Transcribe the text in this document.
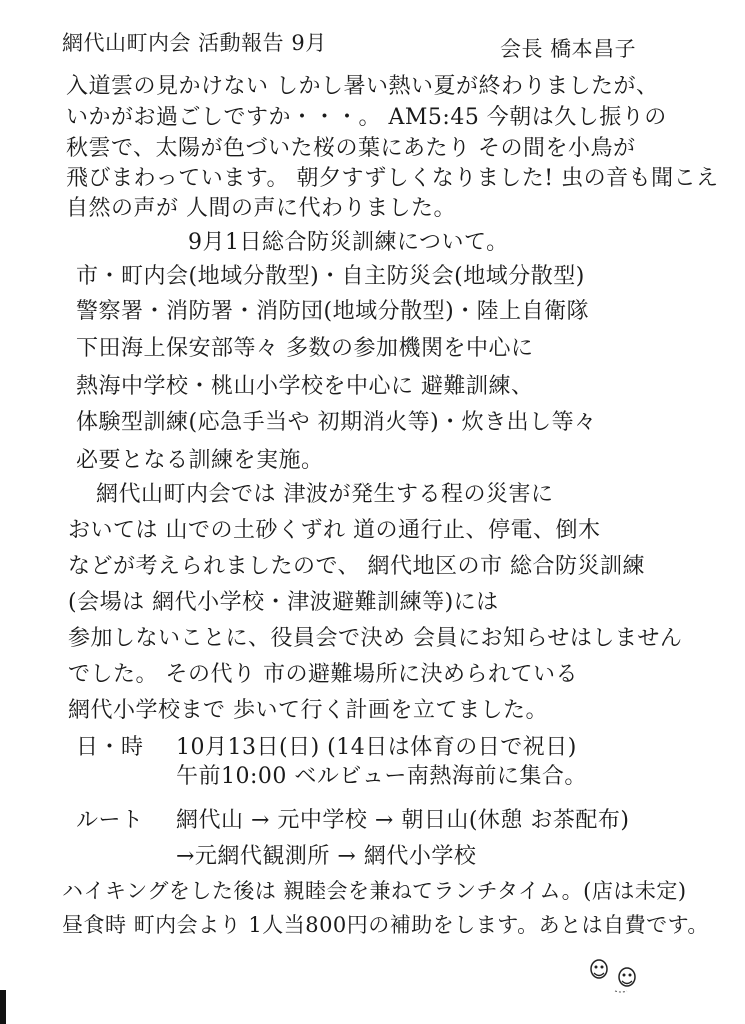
網代山町内会 活動報告 9月	会長 橋本昌子
入道雲の見かけない しかし暑い熱い夏が終わりましたが、
いかがお過ごしですか・・・。 AM5:45 今朝は久し振りの
秋雲で、太陽が色づいた桜の葉にあたり その間を小鳥が
飛びまわっています。 朝夕すずしくなりました! 虫の音も聞こえ
自然の声が 人間の声に代わりました。
9月1日総合防災訓練について。
市・町内会(地域分散型)・自主防災会(地域分散型)
警察署・消防署・消防団(地域分散型)・陸上自衛隊
下田海上保安部等々 多数の参加機関を中心に
熱海中学校・桃山小学校を中心に 避難訓練、
体験型訓練(応急手当や 初期消火等)・炊き出し等々
必要となる訓練を実施。
網代山町内会では 津波が発生する程の災害に
おいては 山での土砂くずれ 道の通行止、停電、倒木
などが考えられましたので、 網代地区の市 総合防災訓練
(会場は 網代小学校・津波避難訓練等)には
参加しないことに、役員会で決め 会員にお知らせはしません
でした。 その代り 市の避難場所に決められている
網代小学校まで 歩いて行く計画を立てました。
日・時 10月13日(日) (14日は体育の日で祝日)
午前10:00 ベルビュー南熱海前に集合。
ルート 網代山 → 元中学校 → 朝日山(休憩 お茶配布)
→元網代観測所 → 網代小学校
ハイキングをした後は 親睦会を兼ねてランチタイム。(店は未定)
昼食時 町内会より 1人当800円の補助をします。あとは自費です。
